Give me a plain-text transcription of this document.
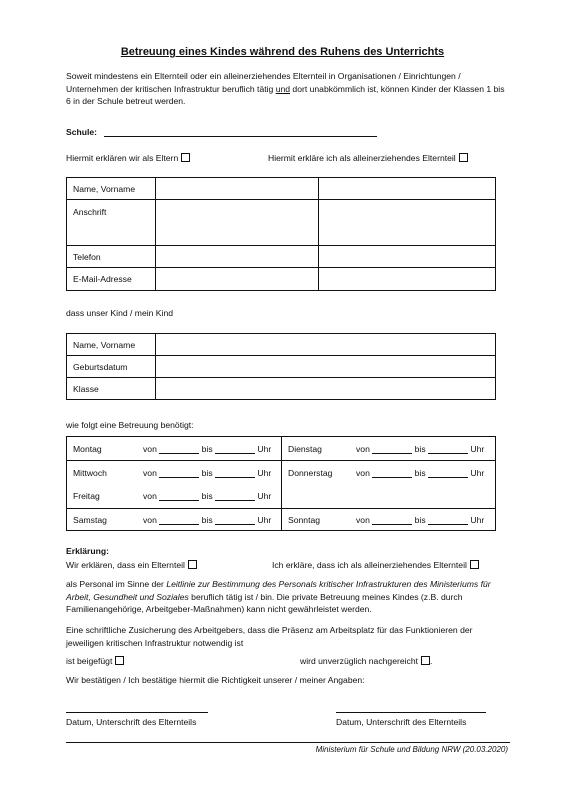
Betreuung eines Kindes während des Ruhens des Unterrichts
Soweit mindestens ein Elternteil oder ein alleinerziehendes Elternteil in Organisationen / Einrichtungen / Unternehmen der kritischen Infrastruktur beruflich tätig und dort unabkömmlich ist, können Kinder der Klassen 1 bis 6 in der Schule betreut werden.
Schule:
Hiermit erklären wir als Eltern	Hiermit erkläre ich als alleinerziehendes Elternteil
Name, Vorname		
Anschrift		
Telefon		
E-Mail-Adresse		
dass unser Kind / mein Kind
Name, Vorname	
Geburtsdatum	
Klasse	
wie folgt eine Betreuung benötigt:
Montag von bis Uhr	Dienstag von bis Uhr
Mittwoch von bis Uhr	Donnerstag von bis Uhr
Freitag von bis Uhr	
Samstag von bis Uhr	Sonntag von bis Uhr
Erklärung:
Wir erklären, dass ein Elternteil	Ich erkläre, dass ich als alleinerziehendes Elternteil
als Personal im Sinne der Leitlinie zur Bestimmung des Personals kritischer Infrastrukturen des Ministeriums für Arbeit, Gesundheit und Soziales beruflich tätig ist / bin. Die private Betreuung meines Kindes (z.B. durch Familienangehörige, Arbeitgeber-Maßnahmen) kann nicht gewährleistet werden.
Eine schriftliche Zusicherung des Arbeitgebers, dass die Präsenz am Arbeitsplatz für das Funktionieren der jeweiligen kritischen Infrastruktur notwendig ist
ist beigefügt	wird unverzüglich nachgereicht .
Wir bestätigen / Ich bestätige hiermit die Richtigkeit unserer / meiner Angaben:
Datum, Unterschrift des Elternteils	Datum, Unterschrift des Elternteils
Ministerium für Schule und Bildung NRW (20.03.2020)
